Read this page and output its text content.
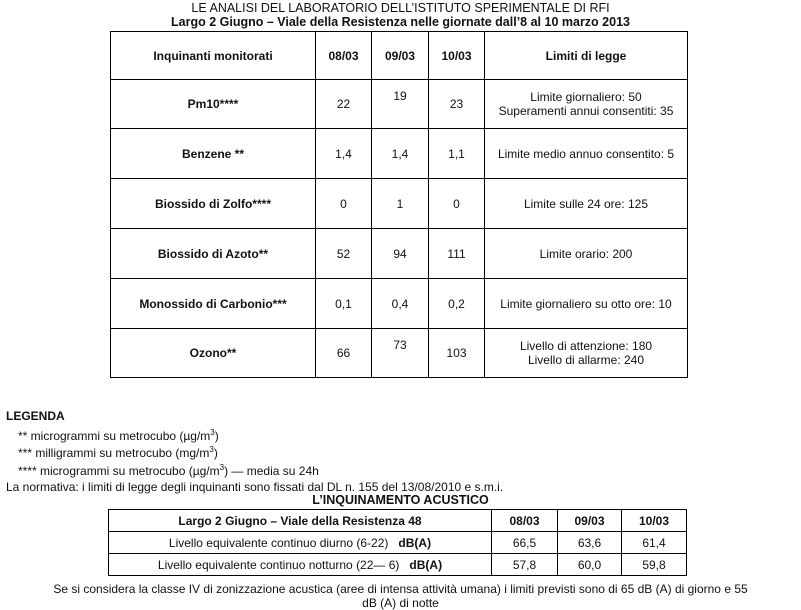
LE ANALISI DEL LABORATORIO DELL’ISTITUTO SPERIMENTALE DI RFI
Largo 2 Giugno – Viale della Resistenza nelle giornate dall’8 al 10 marzo 2013
Inquinanti monitorati	08/03	09/03	10/03	Limiti di legge
Pm10****	22	19	23	Limite giornaliero: 50
Superamenti annui consentiti: 35

Benzene **	1,4	1,4	1,1	Limite medio annuo consentito: 5
Biossido di Zolfo****	0	1	0	Limite sulle 24 ore: 125
Biossido di Azoto**	52	94	111	Limite orario: 200
Monossido di Carbonio***	0,1	0,4	0,2	Limite giornaliero su otto ore: 10
Ozono**	66	73	103	Livello di attenzione: 180
Livello di allarme: 240
LEGENDA
** microgrammi su metrocubo $(\mu g/m^3)$
*** milligrammi su metrocubo $(mg/m^3)$
**** microgrammi su metrocubo $(\mu g/m^3)$ — media su 24h
La normativa: i limiti di legge degli inquinanti sono fissati dal DL n. 155 del 13/08/2010 e s.m.i.
L’INQUINAMENTO ACUSTICO
Largo 2 Giugno – Viale della Resistenza 48	08/03	09/03	10/03
Livello equivalente continuo diurno (6-22) dB(A)	66,5	63,6	61,4
Livello equivalente continuo notturno (22— 6) dB(A)	57,8	60,0	59,8
Se si considera la classe IV di zonizzazione acustica (aree di intensa attività umana) i limiti previsti sono di 65 dB (A) di giorno e 55
dB (A) di notte
